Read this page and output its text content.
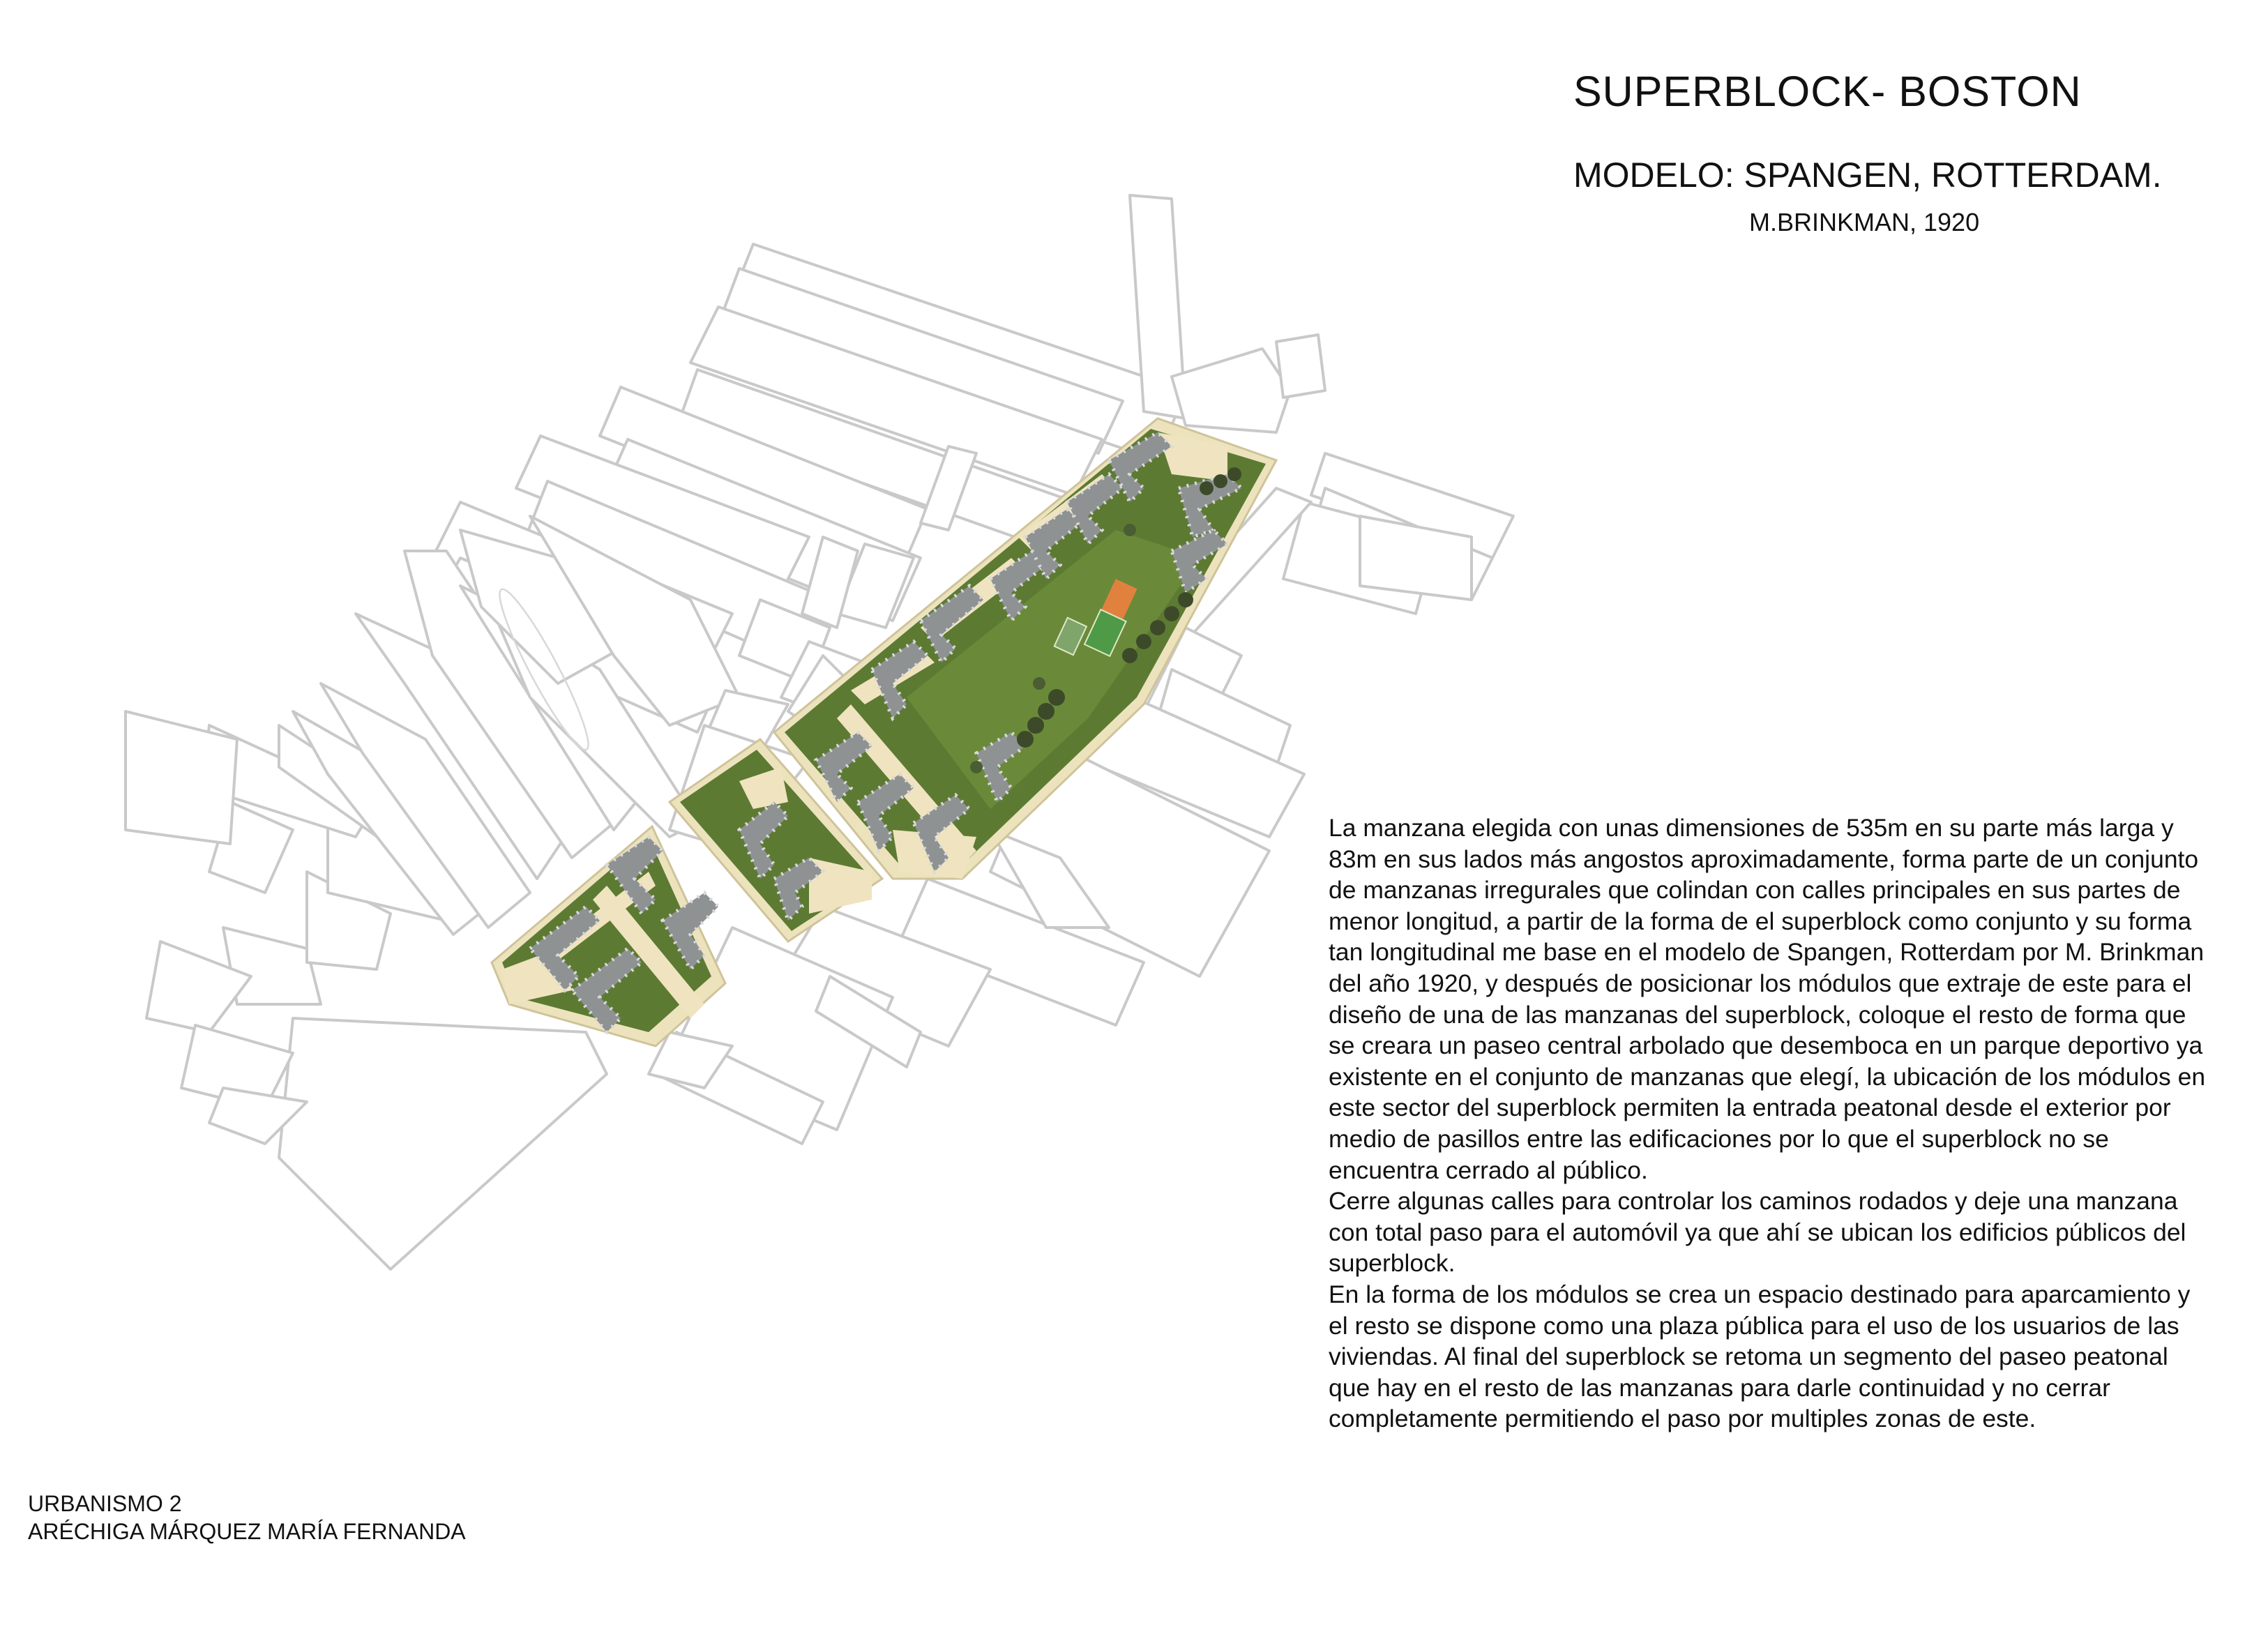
SUPERBLOCK- BOSTON
MODELO: SPANGEN, ROTTERDAM.
M.BRINKMAN, 1920

La manzana elegida con unas dimensiones de 535m en su parte más larga y 83m en sus lados más angostos aproximadamente, forma parte de un conjunto de manzanas irregurales que colindan con calles principales en sus partes de menor longitud, a partir de la forma de el superblock como conjunto y su forma tan longitudinal me base en el modelo de Spangen, Rotterdam por M. Brinkman del año 1920, y después de posicionar los módulos que extraje de este para el diseño de una de las manzanas del superblock, coloque el resto de forma que se creara un paseo central arbolado que desemboca en un parque deportivo ya existente en el conjunto de manzanas que elegí, la ubicación de los módulos en este sector del superblock permiten la entrada peatonal desde el exterior por medio de pasillos entre las edificaciones por lo que el superblock no se encuentra cerrado al público.

Cerre algunas calles para controlar los caminos rodados y deje una manzana con total paso para el automóvil ya que ahí se ubican los edificios públicos del superblock.

En la forma de los módulos se crea un espacio destinado para aparcamiento y el resto se dispone como una plaza pública para el uso de los usuarios de las viviendas. Al final del superblock se retoma un segmento del paseo peatonal que hay en el resto de las manzanas para darle continuidad y no cerrar completamente permitiendo el paso por multiples zonas de este.

URBANISMO 2
ARÉCHIGA MÁRQUEZ MARÍA FERNANDA
